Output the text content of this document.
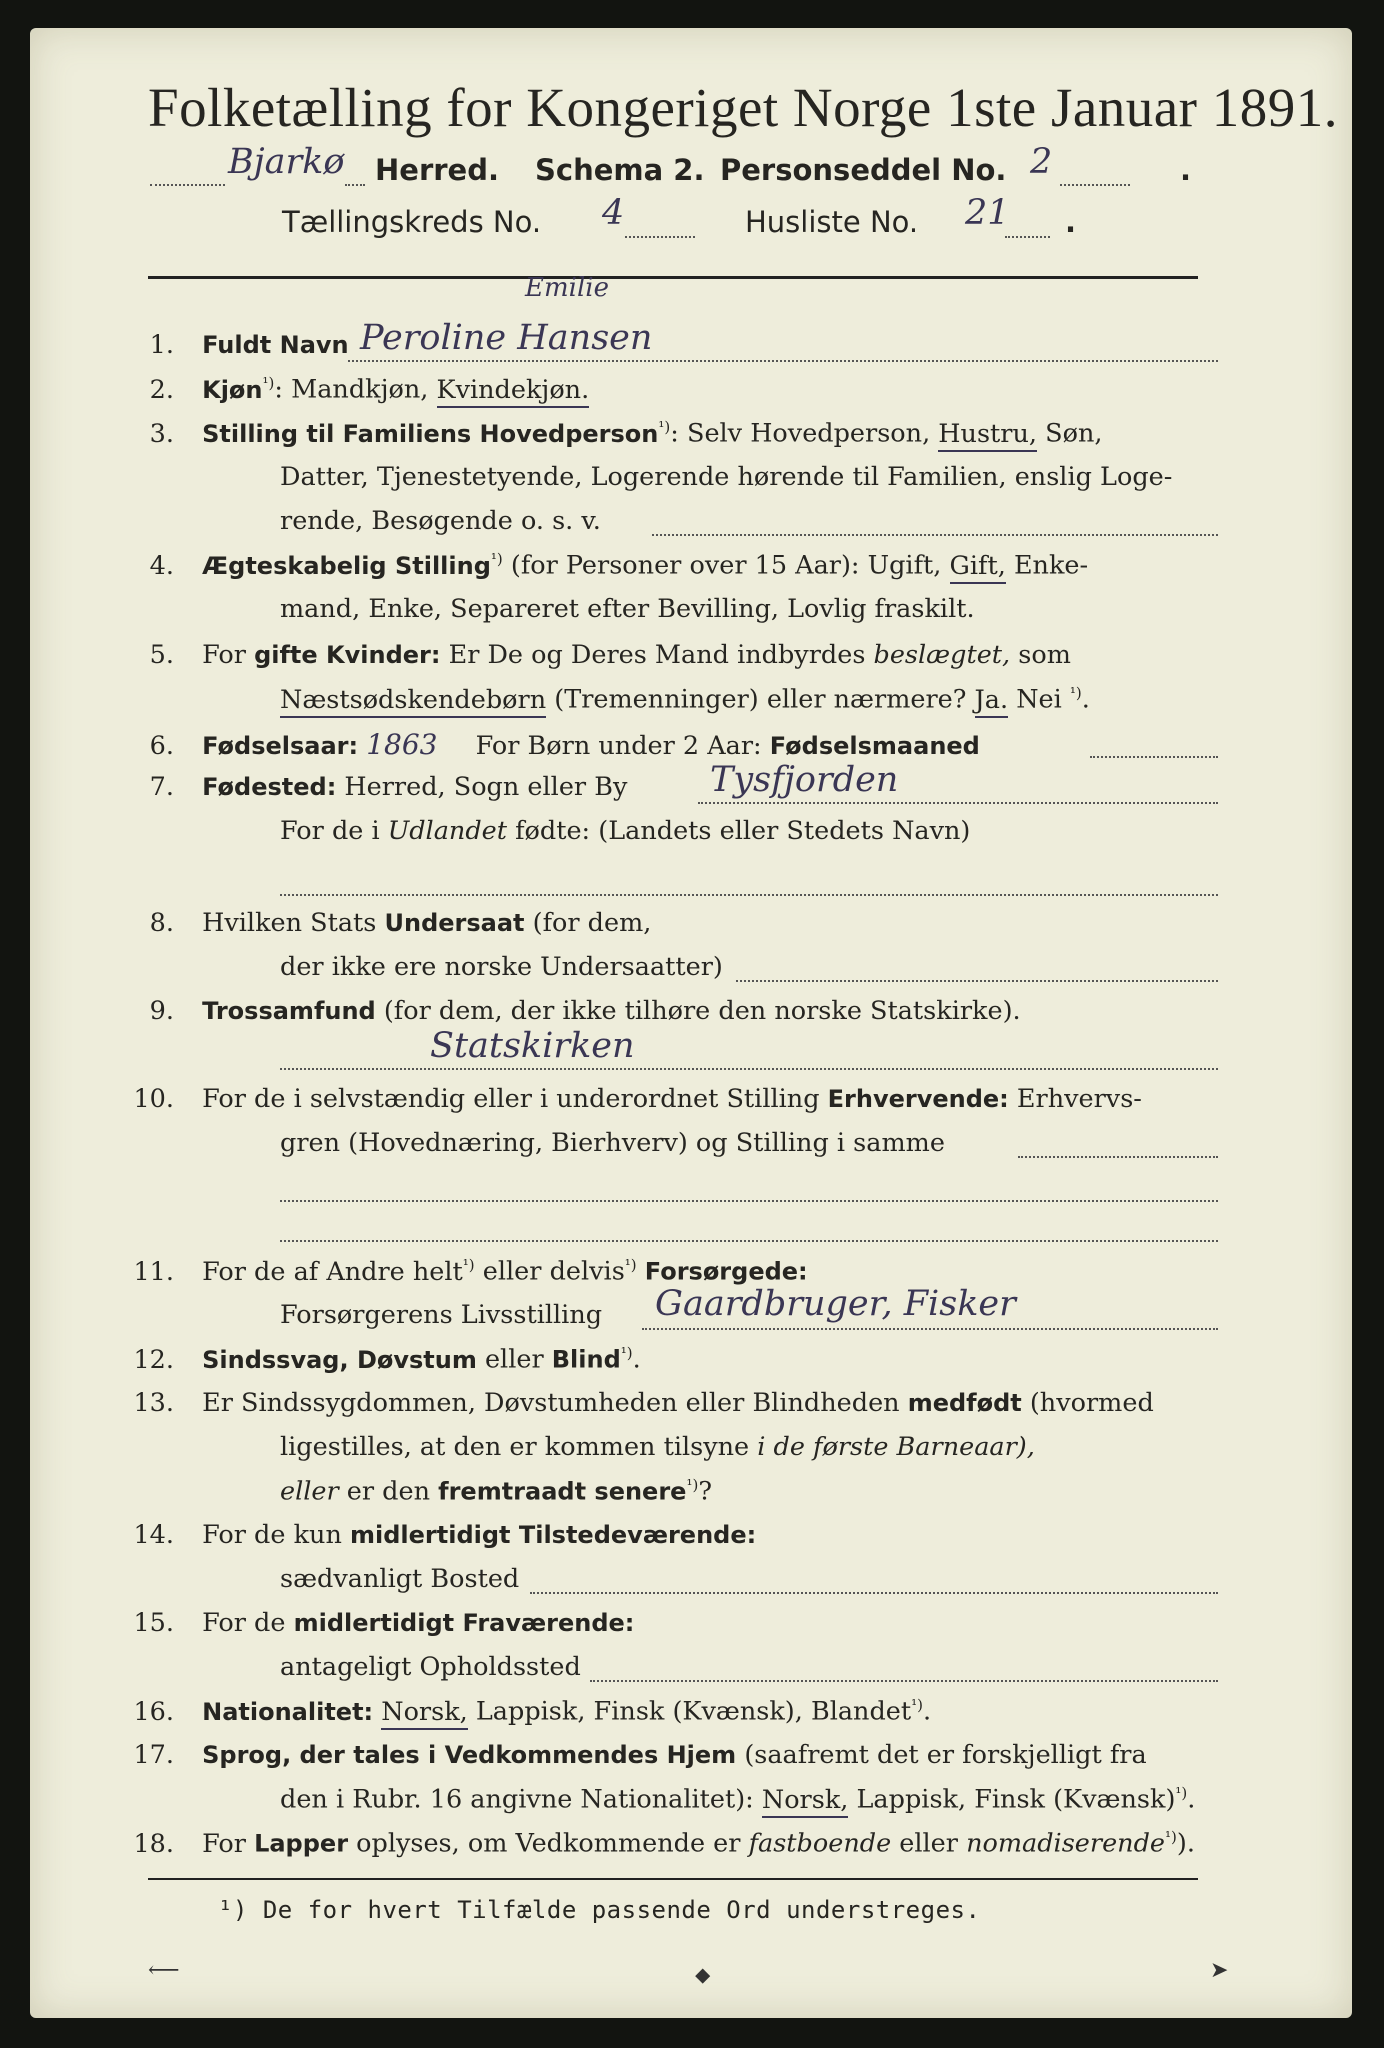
Folketælling for Kongeriget Norge 1ste Januar 1891.
Bjarkø Herred. Schema 2. Personseddel No. 2	.
Tællingskreds No. 4	Husliste No. 21 .
Emilie
1. Fuldt Navn Peroline Hansen
2. Kjøn$^{^1)}$: Mandkjøn, Kvindekjøn.
3. Stilling til Familiens Hovedperson$^{^1)}$: Selv Hovedperson, Hustru, Søn,
Datter, Tjenestetyende, Logerende hørende til Familien, enslig Loge-
rende, Besøgende o. s. v.
4. Ægteskabelig Stilling$^{^1)}$ (for Personer over 15 Aar): Ugift, Gift, Enke-
mand, Enke, Separeret efter Bevilling, Lovlig fraskilt.
5. For gifte Kvinder: Er De og Deres Mand indbyrdes beslægtet, som
Næstsødskendebørn (Tremenninger) eller nærmere? Ja. Nei $^{^1)}$.
6. Fødselsaar: 1863 For Børn under 2 Aar: Fødselsmaaned
7. Fødested: Herred, Sogn eller By Tysfjorden
For de i Udlandet fødte: (Landets eller Stedets Navn)
8. Hvilken Stats Undersaat (for dem,
der ikke ere norske Undersaatter)
9. Trossamfund (for dem, der ikke tilhøre den norske Statskirke).
Statskirken
10. For de i selvstændig eller i underordnet Stilling Erhvervende: Erhvervs-
gren (Hovednæring, Bierhverv) og Stilling i samme
11. For de af Andre helt$^{^1)}$ eller delvis$^{^1)}$ Forsørgede:
Forsørgerens Livsstilling Gaardbruger, Fisker
12. Sindssvag, Døvstum eller Blind$^{^1)}$.
13. Er Sindssygdommen, Døvstumheden eller Blindheden medfødt (hvormed
ligestilles, at den er kommen tilsyne i de første Barneaar),
eller er den fremtraadt senere$^{^1)}$?
14. For de kun midlertidigt Tilstedeværende:
sædvanligt Bosted
15. For de midlertidigt Fraværende:
antageligt Opholdssted
16. Nationalitet: Norsk, Lappisk, Finsk (Kvænsk), Blandet$^{^1)}$.
17. Sprog, der tales i Vedkommendes Hjem (saafremt det er forskjelligt fra
den i Rubr. 16 angivne Nationalitet): Norsk, Lappisk, Finsk (Kvænsk)$^{^1)}$.
18. For Lapper oplyses, om Vedkommende er fastboende eller nomadiserende$^{^1)}$).
¹) De for hvert Tilfælde passende Ord understreges.
⟵	⬥	➤
